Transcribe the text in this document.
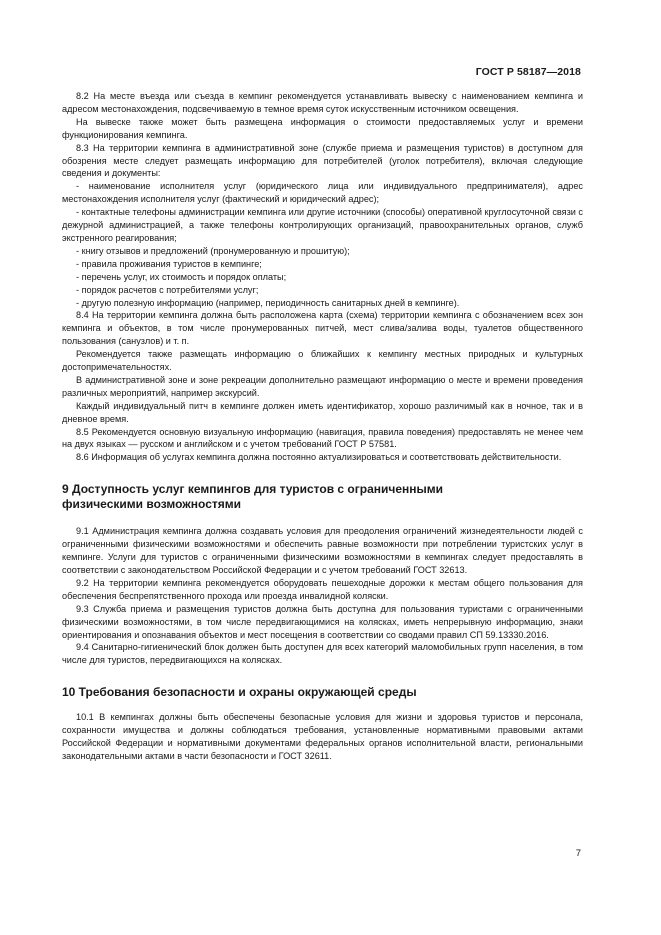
ГОСТ Р 58187—2018

8.2 На месте въезда или съезда в кемпинг рекомендуется устанавливать вывеску с наименованием кемпинга и адресом местонахождения, подсвечиваемую в темное время суток искусственным источником освещения.

На вывеске также может быть размещена информация о стоимости предоставляемых услуг и времени функционирования кемпинга.

8.3 На территории кемпинга в административной зоне (службе приема и размещения туристов) в доступном для обозрения месте следует размещать информацию для потребителей (уголок потребителя), включая следующие сведения и документы:

- наименование исполнителя услуг (юридического лица или индивидуального предпринимателя), адрес местонахождения исполнителя услуг (фактический и юридический адрес);

- контактные телефоны администрации кемпинга или другие источники (способы) оперативной круглосуточной связи с дежурной администрацией, а также телефоны контролирующих организаций, правоохранительных органов, служб экстренного реагирования;

- книгу отзывов и предложений (пронумерованную и прошитую);

- правила проживания туристов в кемпинге;

- перечень услуг, их стоимость и порядок оплаты;

- порядок расчетов с потребителями услуг;

- другую полезную информацию (например, периодичность санитарных дней в кемпинге).

8.4 На территории кемпинга должна быть расположена карта (схема) территории кемпинга с обозначением всех зон кемпинга и объектов, в том числе пронумерованных питчей, мест слива/залива воды, туалетов общественного пользования (санузлов) и т. п.

Рекомендуется также размещать информацию о ближайших к кемпингу местных природных и культурных достопримечательностях.

В административной зоне и зоне рекреации дополнительно размещают информацию о месте и времени проведения различных мероприятий, например экскурсий.

Каждый индивидуальный питч в кемпинге должен иметь идентификатор, хорошо различимый как в ночное, так и в дневное время.

8.5 Рекомендуется основную визуальную информацию (навигация, правила поведения) предоставлять не менее чем на двух языках — русском и английском и с учетом требований ГОСТ Р 57581.

8.6 Информация об услугах кемпинга должна постоянно актуализироваться и соответствовать действительности.

9 Доступность услуг кемпингов для туристов с ограниченными
физическими возможностями

9.1 Администрация кемпинга должна создавать условия для преодоления ограничений жизнедеятельности людей с ограниченными физическими возможностями и обеспечить равные возможности при потреблении туристских услуг в кемпинге. Услуги для туристов с ограниченными физическими возможностями в кемпингах следует предоставлять в соответствии с законодательством Российской Федерации и с учетом требований ГОСТ 32613.

9.2 На территории кемпинга рекомендуется оборудовать пешеходные дорожки к местам общего пользования для обеспечения беспрепятственного прохода или проезда инвалидной коляски.

9.3 Служба приема и размещения туристов должна быть доступна для пользования туристами с ограниченными физическими возможностями, в том числе передвигающимися на колясках, иметь непрерывную информацию, знаки ориентирования и опознавания объектов и мест посещения в соответствии со сводами правил СП 59.13330.2016.

9.4 Санитарно-гигиенический блок должен быть доступен для всех категорий маломобильных групп населения, в том числе для туристов, передвигающихся на колясках.

10 Требования безопасности и охраны окружающей среды

10.1 В кемпингах должны быть обеспечены безопасные условия для жизни и здоровья туристов и персонала, сохранности имущества и должны соблюдаться требования, установленные нормативными правовыми актами Российской Федерации и нормативными документами федеральных органов исполнительной власти, региональными законодательными актами в части безопасности и ГОСТ 32611.

7
